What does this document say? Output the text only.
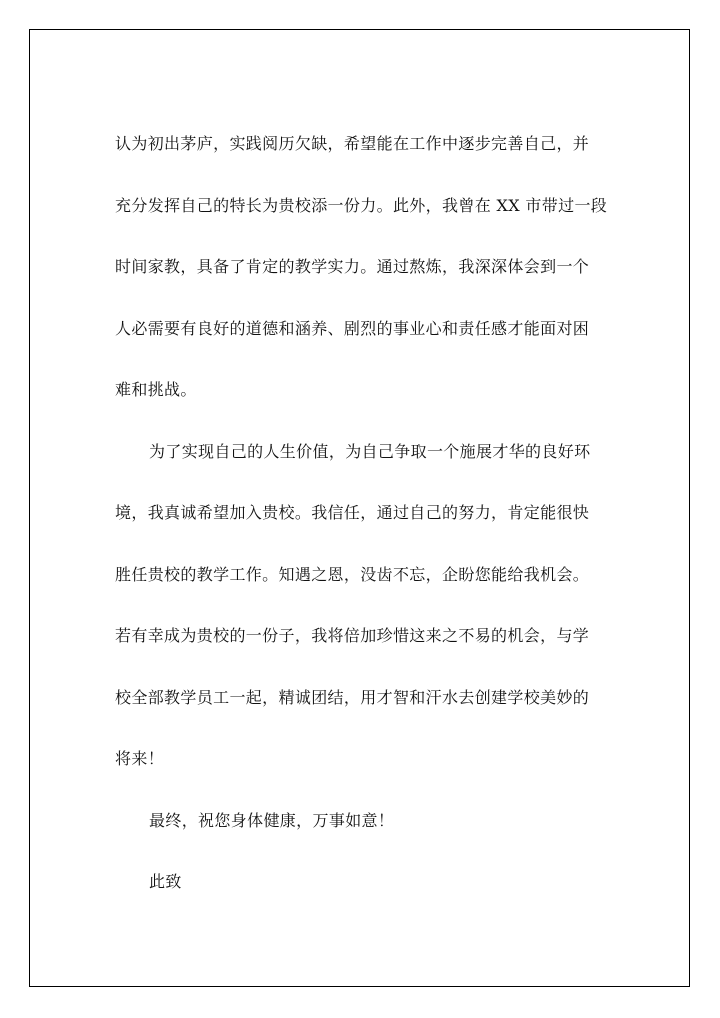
认为初出茅庐，实践阅历欠缺，希望能在工作中逐步完善自己，并
充分发挥自己的特长为贵校添一份力。此外，我曾在 XX 市带过一段
时间家教，具备了肯定的教学实力。通过熬炼，我深深体会到一个
人必需要有良好的道德和涵养、剧烈的事业心和责任感才能面对困
难和挑战。
为了实现自己的人生价值，为自己争取一个施展才华的良好环
境，我真诚希望加入贵校。我信任，通过自己的努力，肯定能很快
胜任贵校的教学工作。知遇之恩，没齿不忘，企盼您能给我机会。
若有幸成为贵校的一份子，我将倍加珍惜这来之不易的机会，与学
校全部教学员工一起，精诚团结，用才智和汗水去创建学校美妙的
将来！
最终，祝您身体健康，万事如意！
此致
